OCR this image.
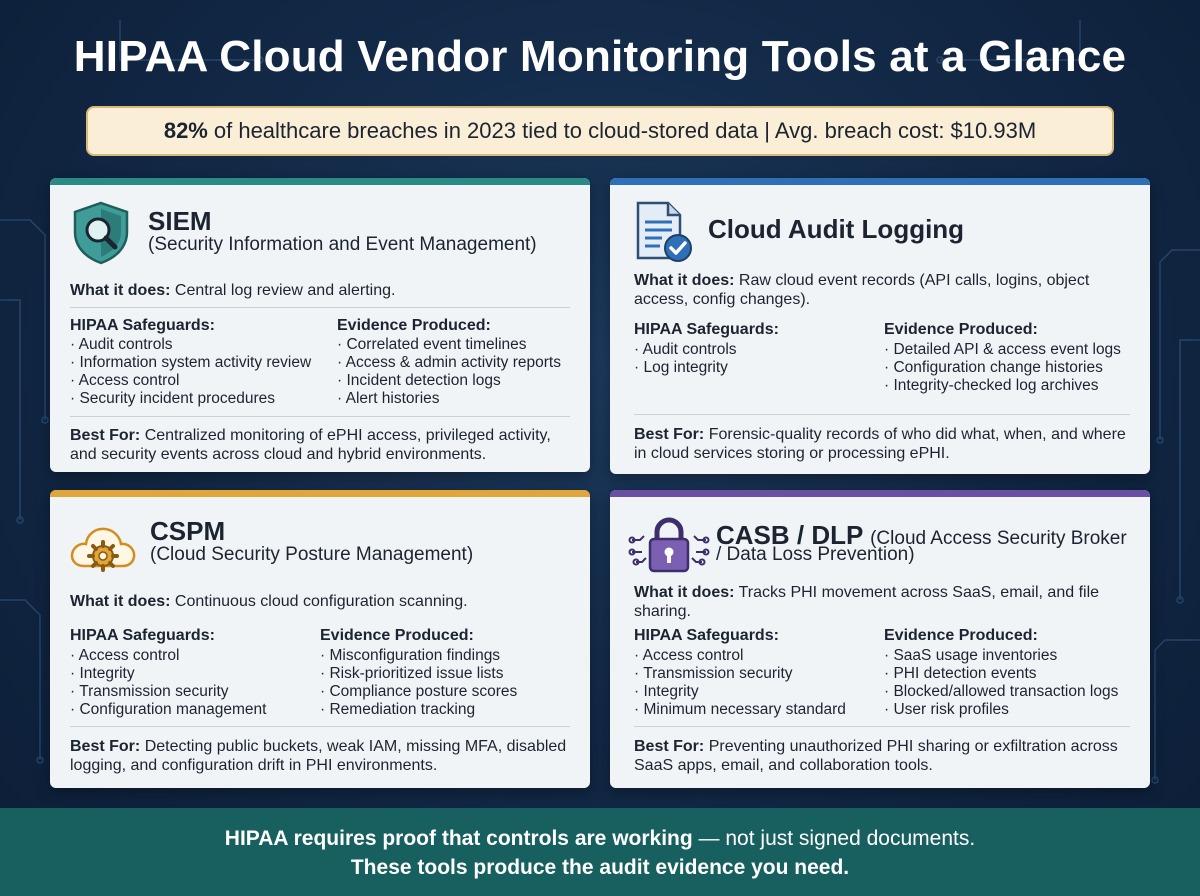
HIPAA Cloud Vendor Monitoring Tools at a Glance
82% of healthcare breaches in 2023 tied to cloud-stored data | Avg. breach cost: $10.93M
SIEM
(Security Information and Event Management)
What it does: Central log review and alerting.
HIPAA Safeguards:
· Audit controls
· Information system activity review
· Access control
· Security incident procedures
Evidence Produced:
· Correlated event timelines
· Access & admin activity reports
· Incident detection logs
· Alert histories
Best For: Centralized monitoring of ePHI access, privileged activity, and security events across cloud and hybrid environments.
Cloud Audit Logging
What it does: Raw cloud event records (API calls, logins, object access, config changes).
HIPAA Safeguards:
· Audit controls
· Log integrity
Evidence Produced:
· Detailed API & access event logs
· Configuration change histories
· Integrity-checked log archives
Best For: Forensic-quality records of who did what, when, and where in cloud services storing or processing ePHI.
CSPM
(Cloud Security Posture Management)
What it does: Continuous cloud configuration scanning.
HIPAA Safeguards:
· Access control
· Integrity
· Transmission security
· Configuration management
Evidence Produced:
· Misconfiguration findings
· Risk-prioritized issue lists
· Compliance posture scores
· Remediation tracking
Best For: Detecting public buckets, weak IAM, missing MFA, disabled logging, and configuration drift in PHI environments.
CASB / DLP (Cloud Access Security Broker
/ Data Loss Prevention)
What it does: Tracks PHI movement across SaaS, email, and file sharing.
HIPAA Safeguards:
· Access control
· Transmission security
· Integrity
· Minimum necessary standard
Evidence Produced:
· SaaS usage inventories
· PHI detection events
· Blocked/allowed transaction logs
· User risk profiles
Best For: Preventing unauthorized PHI sharing or exfiltration across SaaS apps, email, and collaboration tools.
HIPAA requires proof that controls are working — not just signed documents.
These tools produce the audit evidence you need.
